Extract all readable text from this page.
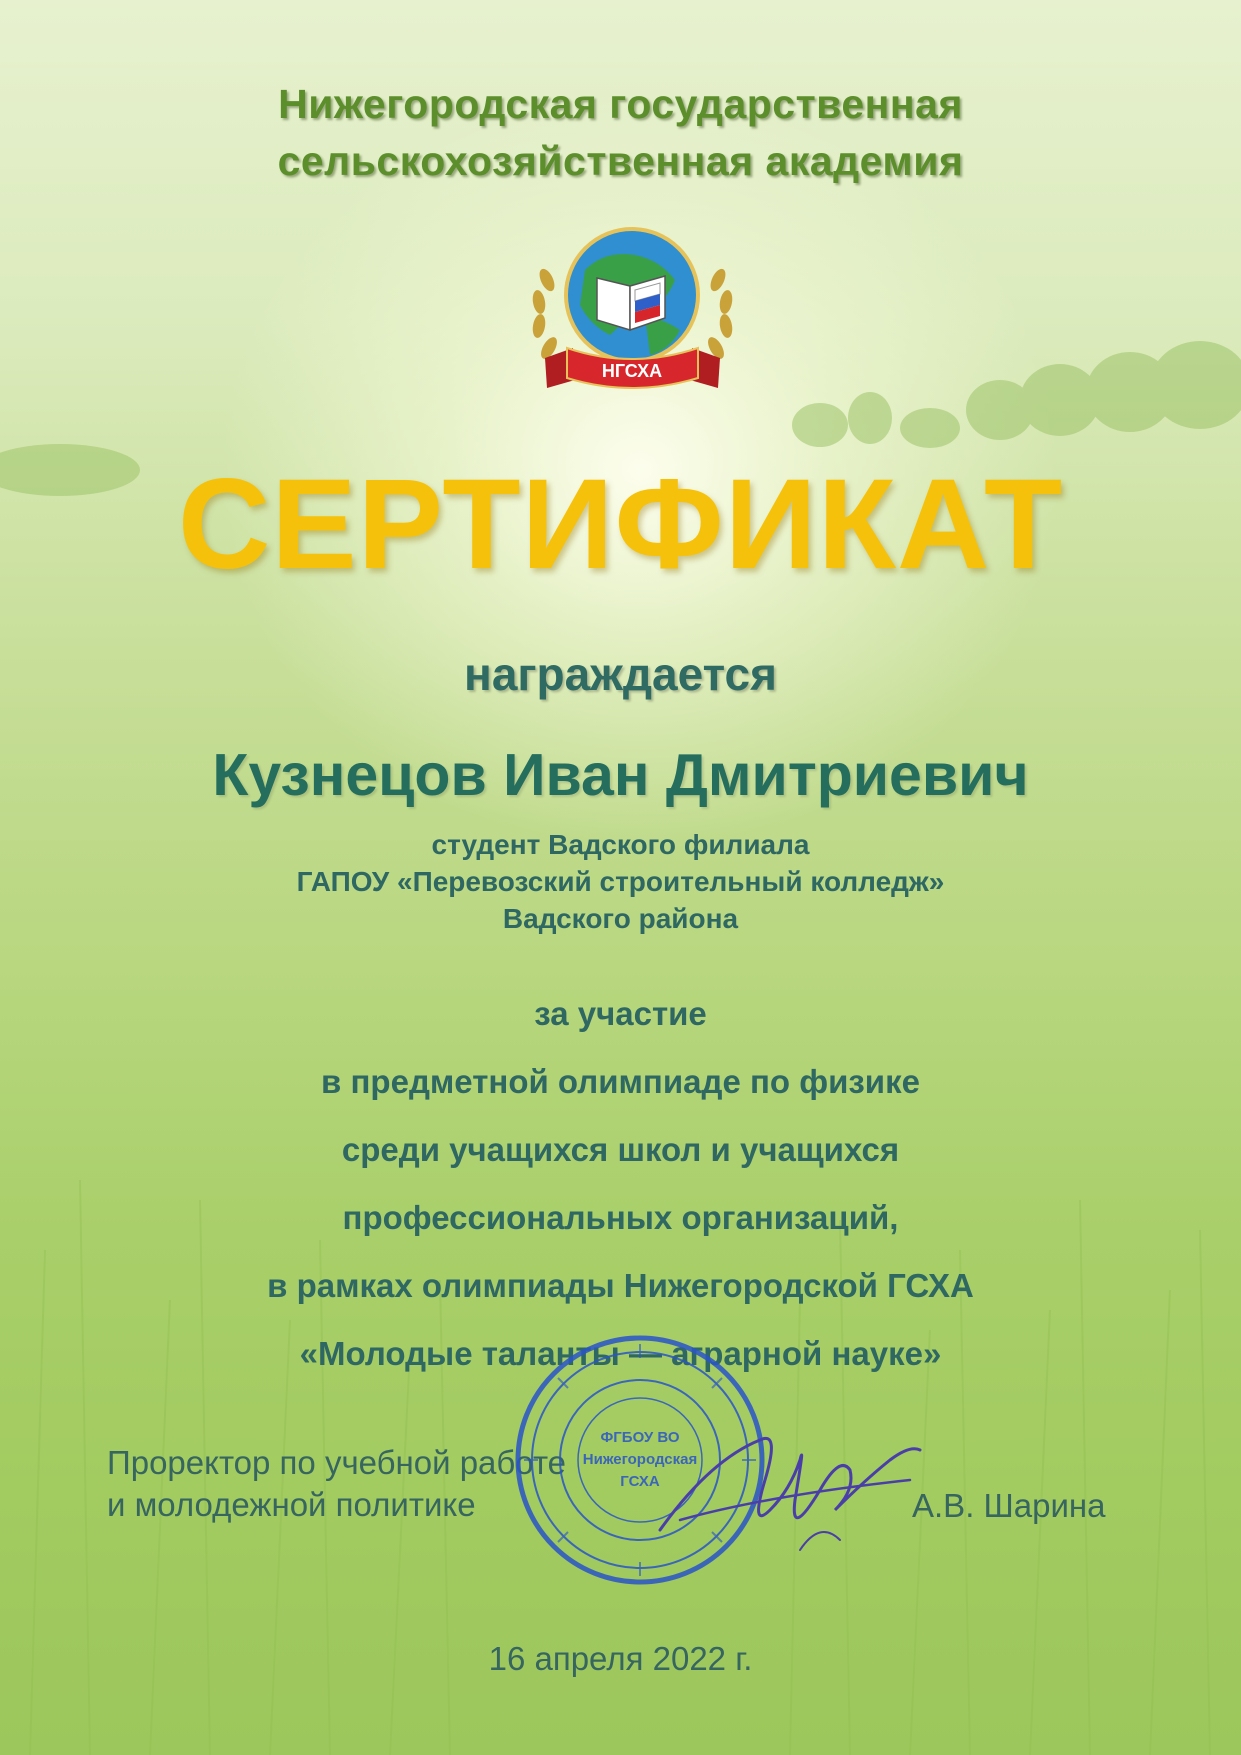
Нижегородская государственная
сельскохозяйственная академия
НГСХА
СЕРТИФИКАТ
награждается
Кузнецов Иван Дмитриевич
студент Вадского филиала
ГАПОУ «Перевозский строительный колледж»
Вадского района
за участие
в предметной олимпиаде по физике
среди учащихся школ и учащихся
профессиональных организаций,
в рамках олимпиады Нижегородской ГСХА
«Молодые таланты — аграрной науке»
Проректор по учебной работе
и молодежной политике
ФГБОУ ВО
Нижегородская
ГСХА
А.В. Шарина
16 апреля 2022 г.
